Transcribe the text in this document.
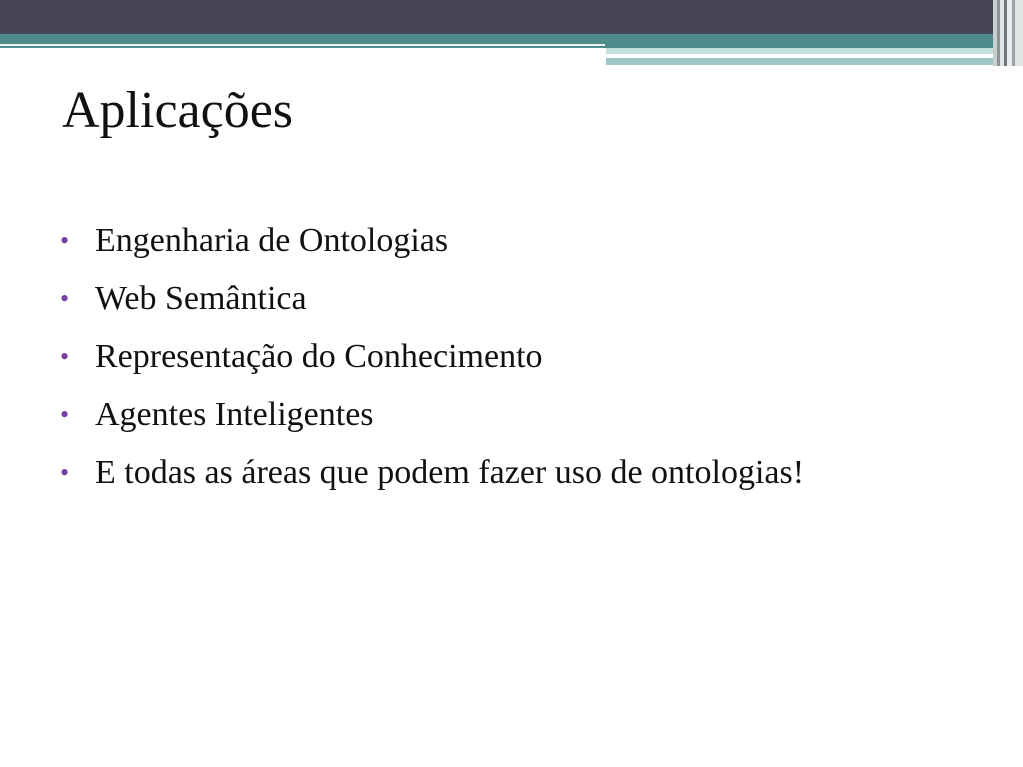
Aplicações
• Engenharia de Ontologias
• Web Semântica
• Representação do Conhecimento
• Agentes Inteligentes
• E todas as áreas que podem fazer uso de ontologias!
